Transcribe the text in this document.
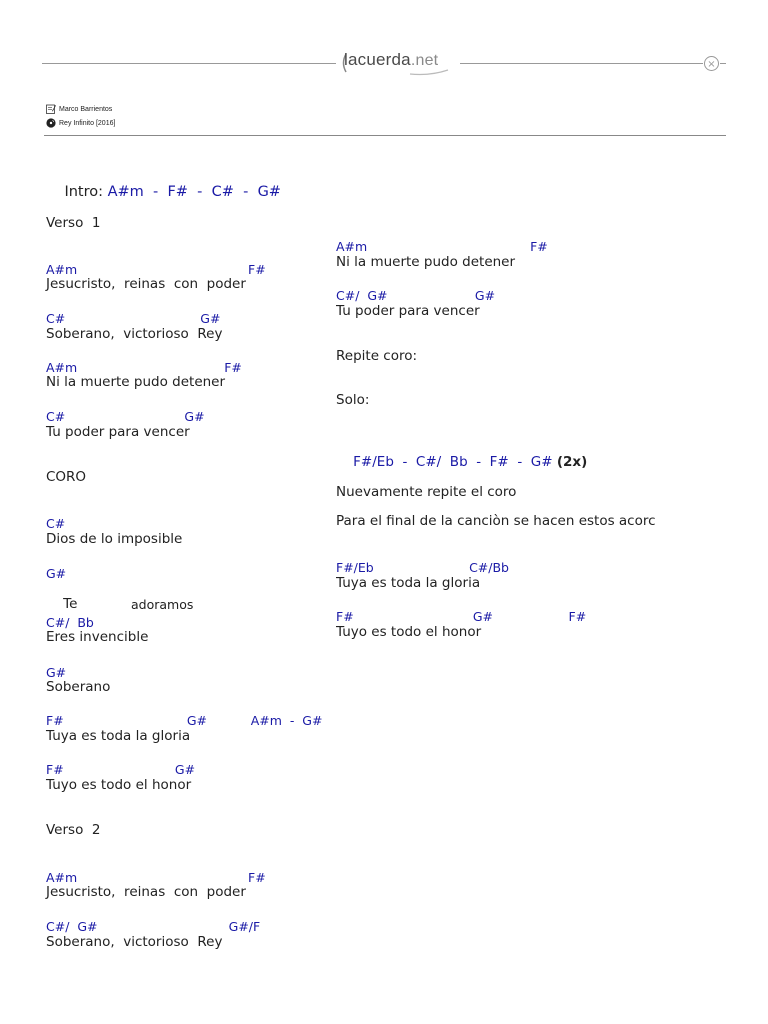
lacuerda.net	×
Marco Barrientos
Rey Infinito [2016]

Intro: A#m  -  F#  -  C#  -  G#

Verso  1
A#m                                           F#
Jesucristo,  reinas  con  poder
C#                                  G#
Soberano,  victorioso  Rey
A#m                                     F#
Ni la muerte pudo detener
C#                              G#
Tu poder para vencer
CORO
C#
Dios de lo imposible
G#

Te	adoramos

C#/  Bb
Eres invencible
G#
Soberano
F#                               G#           A#m  -  G#
Tuya es toda la gloria
F#                            G#
Tuyo es todo el honor
Verso  2
A#m                                           F#
Jesucristo,  reinas  con  poder
C#/  G#                                 G#/F
Soberano,  victorioso  Rey
A#m                                         F#
Ni la muerte pudo detener
C#/  G#                      G#
Tu poder para vencer
Repite coro:
Solo:

F#/Eb  -  C#/  Bb  -  F#  -  G# (2x)

Nuevamente repite el coro
Para el final de la canciòn se hacen estos acorc
F#/Eb                        C#/Bb
Tuya es toda la gloria
F#                              G#                   F#
Tuyo es todo el honor
